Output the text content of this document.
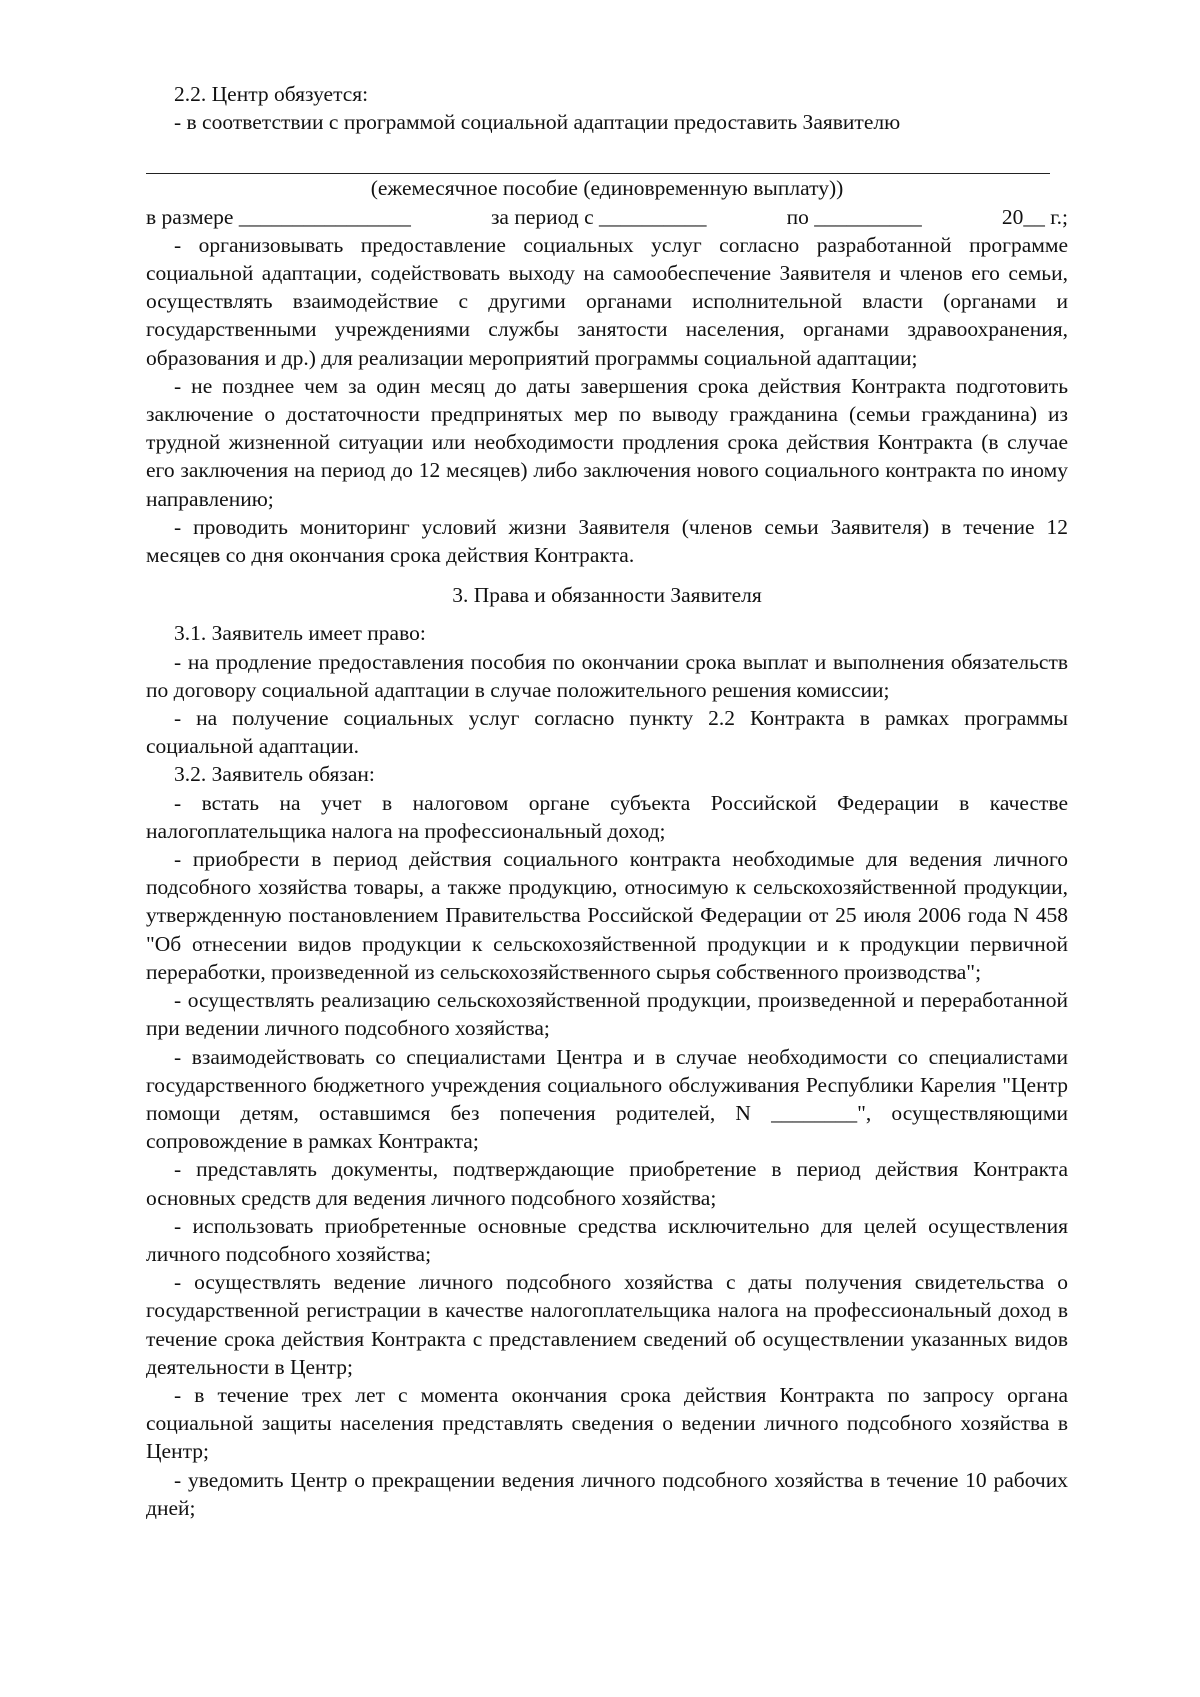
2.2. Центр обязуется:

- в соответствии с программой социальной адаптации предоставить Заявителю

(ежемесячное пособие (единовременную выплату))

в размере ________________	за период с __________	по __________	20__ г.;

- организовывать предоставление социальных услуг согласно разработанной программе социальной адаптации, содействовать выходу на самообеспечение Заявителя и членов его семьи, осуществлять взаимодействие с другими органами исполнительной власти (органами и государственными учреждениями службы занятости населения, органами здравоохранения, образования и др.) для реализации мероприятий программы социальной адаптации;

- не позднее чем за один месяц до даты завершения срока действия Контракта подготовить заключение о достаточности предпринятых мер по выводу гражданина (семьи гражданина) из трудной жизненной ситуации или необходимости продления срока действия Контракта (в случае его заключения на период до 12 месяцев) либо заключения нового социального контракта по иному направлению;

- проводить мониторинг условий жизни Заявителя (членов семьи Заявителя) в течение 12 месяцев со дня окончания срока действия Контракта.

3. Права и обязанности Заявителя

3.1. Заявитель имеет право:

- на продление предоставления пособия по окончании срока выплат и выполнения обязательств по договору социальной адаптации в случае положительного решения комиссии;

- на получение социальных услуг согласно пункту 2.2 Контракта в рамках программы социальной адаптации.

3.2. Заявитель обязан:

- встать на учет в налоговом органе субъекта Российской Федерации в качестве налогоплательщика налога на профессиональный доход;

- приобрести в период действия социального контракта необходимые для ведения личного подсобного хозяйства товары, а также продукцию, относимую к сельскохозяйственной продукции, утвержденную постановлением Правительства Российской Федерации от 25 июля 2006 года N 458 "Об отнесении видов продукции к сельскохозяйственной продукции и к продукции первичной переработки, произведенной из сельскохозяйственного сырья собственного производства";

- осуществлять реализацию сельскохозяйственной продукции, произведенной и переработанной при ведении личного подсобного хозяйства;

- взаимодействовать со специалистами Центра и в случае необходимости со специалистами государственного бюджетного учреждения социального обслуживания Республики Карелия "Центр помощи детям, оставшимся без попечения родителей, N ________", осуществляющими сопровождение в рамках Контракта;

- представлять документы, подтверждающие приобретение в период действия Контракта основных средств для ведения личного подсобного хозяйства;

- использовать приобретенные основные средства исключительно для целей осуществления личного подсобного хозяйства;

- осуществлять ведение личного подсобного хозяйства с даты получения свидетельства о государственной регистрации в качестве налогоплательщика налога на профессиональный доход в течение срока действия Контракта с представлением сведений об осуществлении указанных видов деятельности в Центр;

- в течение трех лет с момента окончания срока действия Контракта по запросу органа социальной защиты населения представлять сведения о ведении личного подсобного хозяйства в Центр;

- уведомить Центр о прекращении ведения личного подсобного хозяйства в течение 10 рабочих дней;
